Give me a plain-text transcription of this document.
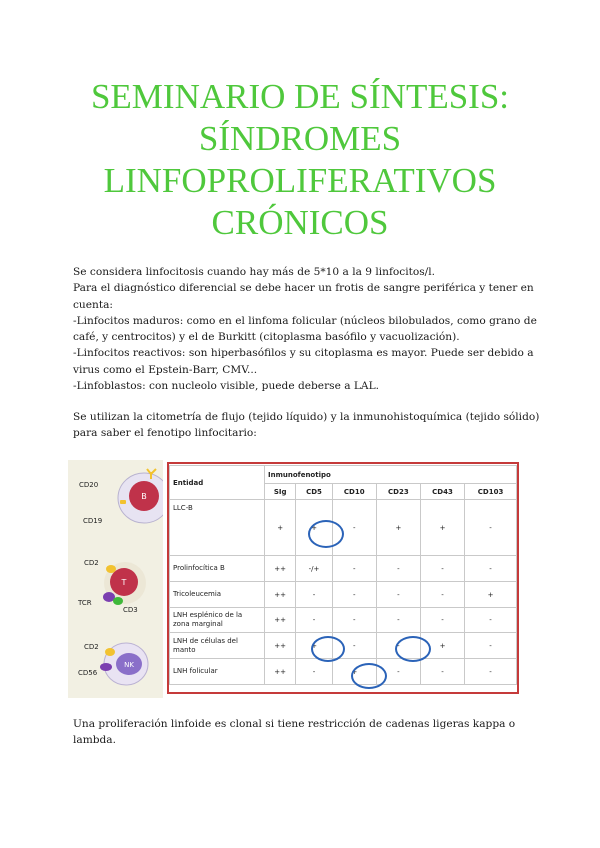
SEMINARIO DE SÍNTESIS:
SÍNDROMES
LINFOPROLIFERATIVOS
CRÓNICOS
Se considera linfocitosis cuando hay más de 5*10 a la 9 linfocitos/l.
Para el diagnóstico diferencial se debe hacer un frotis de sangre periférica y tener en
cuenta:
-Linfocitos maduros: como en el linfoma folicular (núcleos bilobulados, como grano de
café, y centrocitos) y el de Burkitt (citoplasma basófilo y vacuolización).
-Linfocitos reactivos: son hiperbasófilos y su citoplasma es mayor. Puede ser debido a
virus como el Epstein-Barr, CMV...
-Linfoblastos: con nucleolo visible, puede deberse a LAL.
Se utilizan la citometría de flujo (tejido líquido) y la inmunohistoquímica (tejido sólido)
para saber el fenotipo linfocitario:
B
CD20
CD19
T
CD2
TCR
CD3
NK
CD2
CD56
Entidad	Inmunofenotipo					
	SIg	CD5	CD10	CD23	CD43	CD103
LLC-B	+	+	-	+	+	-
Prolinfocítica B	++	-/+	-	-	-	-
Tricoleucemia	++	-	-	-	-	+
LNH esplénico de la zona marginal	++	-	-	-	-	-
LNH de células del manto	++	+	-	-	+	-
LNH folicular	++	-	+	-	-	-
Una proliferación linfoide es clonal si tiene restricción de cadenas ligeras kappa o
lambda.
